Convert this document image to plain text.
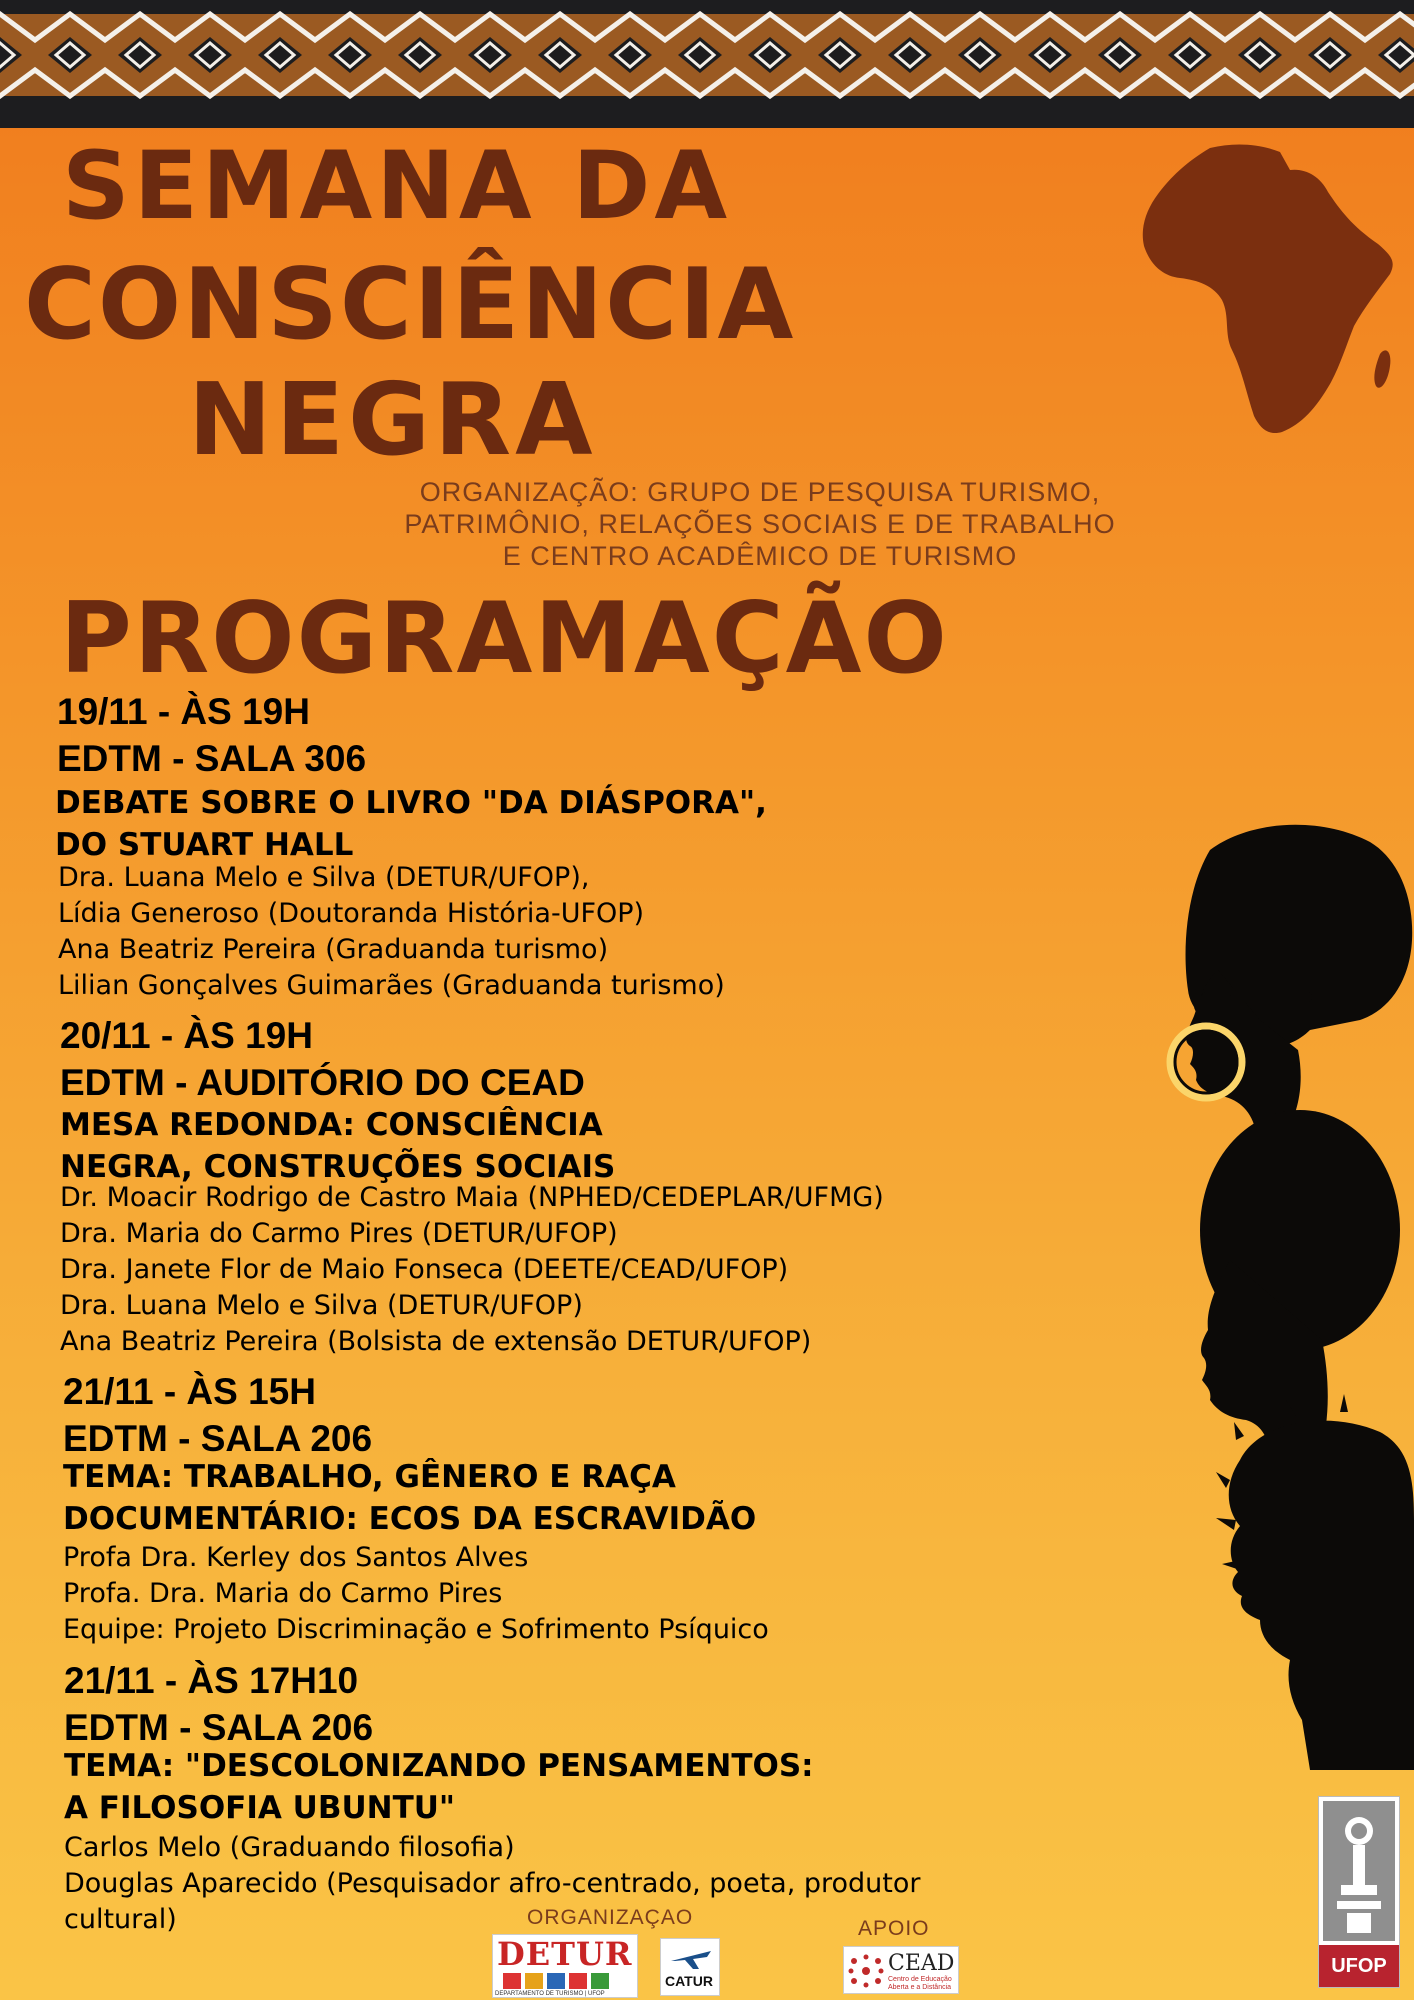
SEMANA DA
CONSCIÊNCIA
NEGRA
ORGANIZAÇÃO: GRUPO DE PESQUISA TURISMO,
PATRIMÔNIO, RELAÇÕES SOCIAIS E DE TRABALHO
E CENTRO ACADÊMICO DE TURISMO
PROGRAMAÇÃO
19/11 - ÀS 19H
EDTM - SALA 306
DEBATE SOBRE O LIVRO "DA DIÁSPORA",
DO STUART HALL
Dra. Luana Melo e Silva (DETUR/UFOP),
Lídia Generoso (Doutoranda História-UFOP)
Ana Beatriz Pereira (Graduanda turismo)
Lilian Gonçalves Guimarães (Graduanda turismo)
20/11 - ÀS 19H
EDTM - AUDITÓRIO DO CEAD
MESA REDONDA: CONSCIÊNCIA
NEGRA, CONSTRUÇÕES SOCIAIS
Dr. Moacir Rodrigo de Castro Maia (NPHED/CEDEPLAR/UFMG)
Dra. Maria do Carmo Pires (DETUR/UFOP)
Dra. Janete Flor de Maio Fonseca (DEETE/CEAD/UFOP)
Dra. Luana Melo e Silva (DETUR/UFOP)
Ana Beatriz Pereira (Bolsista de extensão DETUR/UFOP)
21/11 - ÀS 15H
EDTM - SALA 206
TEMA: TRABALHO, GÊNERO E RAÇA
DOCUMENTÁRIO: ECOS DA ESCRAVIDÃO
Profa Dra. Kerley dos Santos Alves
Profa. Dra. Maria do Carmo Pires
Equipe: Projeto Discriminação e Sofrimento Psíquico
21/11 - ÀS 17H10
EDTM - SALA 206
TEMA: "DESCOLONIZANDO PENSAMENTOS:
A FILOSOFIA UBUNTU"
Carlos Melo (Graduando filosofia)
Douglas Aparecido (Pesquisador afro-centrado, poeta, produtor
cultural)
UFOP
ORGANIZAÇAO	APOIO
DETUR
DEPARTAMENTO DE TURISMO | UFOP
CATUR
CEAD
Centro de Educação
Aberta e a Distância
